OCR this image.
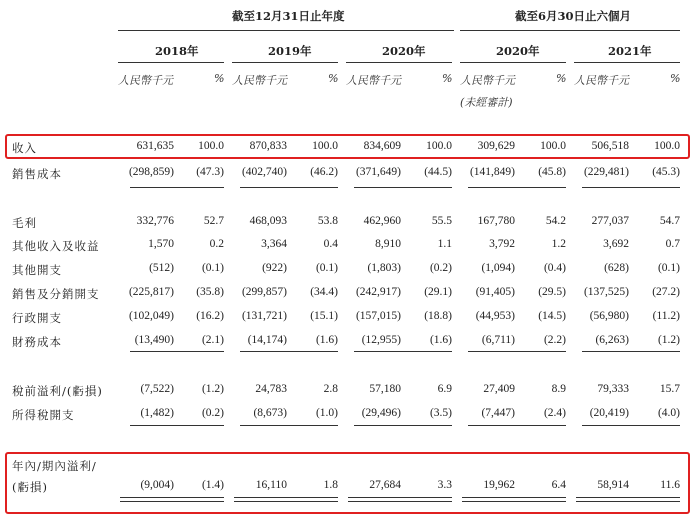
截至12月31日止年度	截至6月30日止六個月
2018年	2019年	2020年	2020年	2021年
人民幣千元	% 人民幣千元	% 人民幣千元	% 人民幣千元	% 人民幣千元	%
(未經審計)
收入	631,635 100.0 870,833 100.0 834,609 100.0 309,629 100.0 506,518 100.0
銷售成本	(298,859) (47.3) (402,740) (46.2) (371,649) (44.5) (141,849) (45.8) (229,481) (45.3)
毛利	332,776	52.7 468,093	53.8 462,960	55.5 167,780	54.2 277,037	54.7
其他收入及收益	1,570	0.2	3,364	0.4	8,910	1.1	3,792	1.2	3,692	0.7
其他開支	(512) (0.1)	(922)	(0.1)	(1,803)	(0.2)	(1,094)	(0.4)	(628)	(0.1)
銷售及分銷開支	(225,817) (35.8) (299,857) (34.4) (242,917) (29.1) (91,405) (29.5) (137,525) (27.2)
行政開支	(102,049) (16.2) (131,721) (15.1) (157,015) (18.8) (44,953) (14.5) (56,980) (11.2)
財務成本	(13,490) (2.1) (14,174)	(1.6) (12,955)	(1.6)	(6,711)	(2.2)	(6,263)	(1.2)
稅前溢利/(虧損)	(7,522) (1.2)	24,783	2.8	57,180	6.9	27,409	8.9	79,333	15.7
所得稅開支	(1,482) (0.2)	(8,673)	(1.0) (29,496)	(3.5)	(7,447)	(2.4) (20,419)	(4.0)
年內/期內溢利/
(虧損)	(9,004) (1.4)	16,110	1.8	27,684	3.3	19,962	6.4	58,914	11.6
